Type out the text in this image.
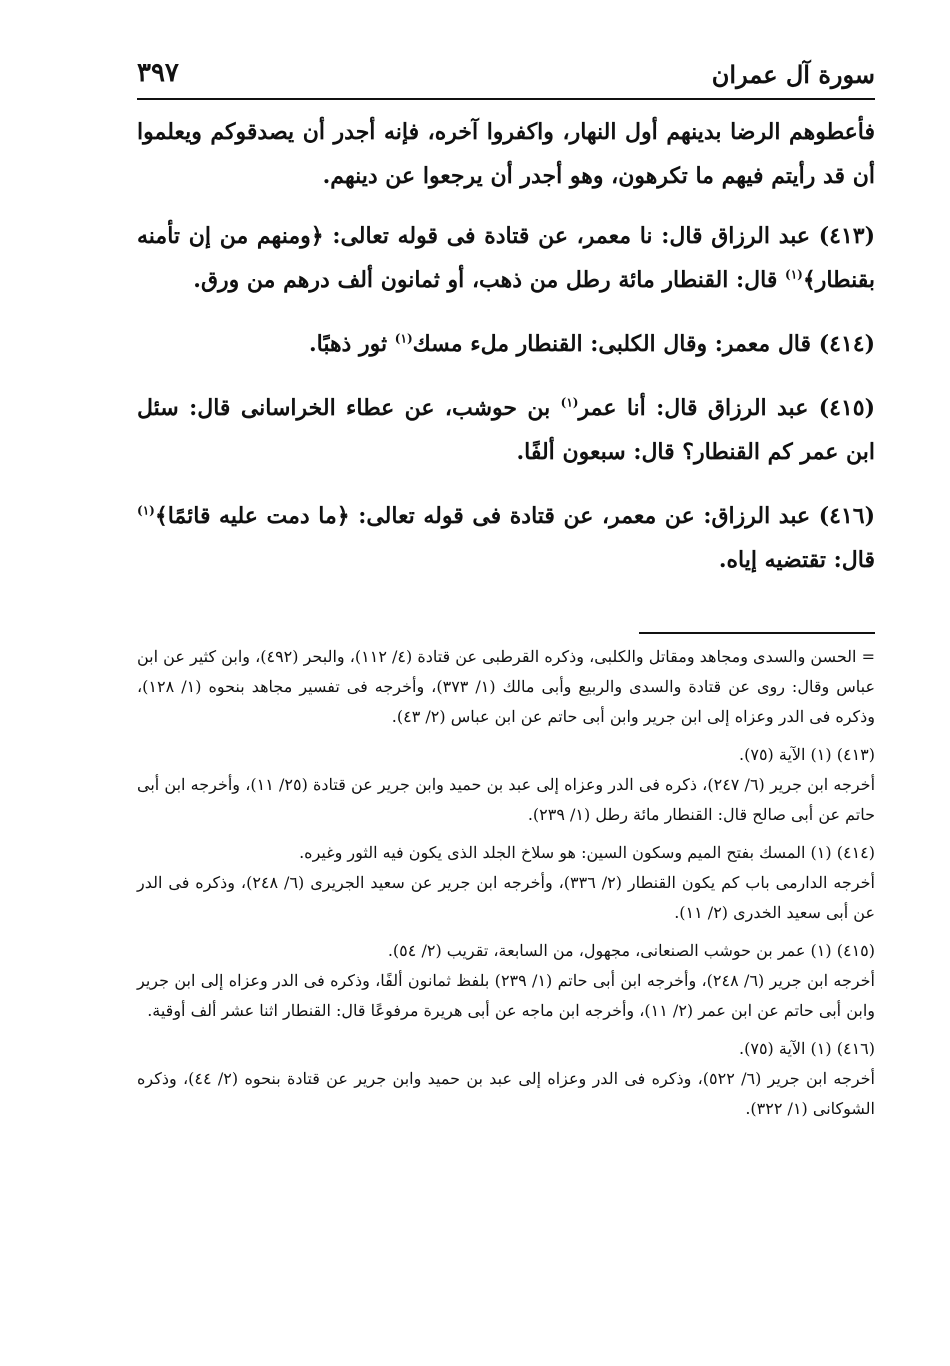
سورة آل عمران
٣٩٧

فأعطوهم الرضا بدينهم أول النهار، واكفروا آخره، فإنه أجدر أن يصدقوكم ويعلموا أن قد رأيتم فيهم ما تكرهون، وهو أجدر أن يرجعوا عن دينهم.

(٤١٣) عبد الرزاق قال: نا معمر، عن قتادة فى قوله تعالى: ﴿ومنهم من إن تأمنه بقنطار﴾$^{(١)}$ قال: القنطار مائة رطل من ذهب، أو ثمانون ألف درهم من ورق.

(٤١٤) قال معمر: وقال الكلبى: القنطار ملء مسك$^{(١)}$ ثور ذهبًا.

(٤١٥) عبد الرزاق قال: أنا عمر$^{(١)}$ بن حوشب، عن عطاء الخراسانى قال: سئل ابن عمر كم القنطار؟ قال: سبعون ألفًا.

(٤١٦) عبد الرزاق: عن معمر، عن قتادة فى قوله تعالى: ﴿ما دمت عليه قائمًا﴾$^{(١)}$ قال: تقتضيه إياه.

= الحسن والسدى ومجاهد ومقاتل والكلبى، وذكره القرطبى عن قتادة (٤/ ١١٢)، والبحر (٤٩٢)، وابن كثير عن ابن عباس وقال: روى عن قتادة والسدى والربيع وأبى مالك (١/ ٣٧٣)، وأخرجه فى تفسير مجاهد بنحوه (١/ ١٢٨)، وذكره فى الدر وعزاه إلى ابن جرير وابن أبى حاتم عن ابن عباس (٢/ ٤٣).

(٤١٣) (١) الآية (٧٥).

أخرجه ابن جرير (٦/ ٢٤٧)، ذكره فى الدر وعزاه إلى عبد بن حميد وابن جرير عن قتادة (٢٥/ ١١)، وأخرجه ابن أبى حاتم عن أبى صالح قال: القنطار مائة رطل (١/ ٢٣٩).

(٤١٤) (١) المسك بفتح الميم وسكون السين: هو سلاخ الجلد الذى يكون فيه الثور وغيره.

أخرجه الدارمى باب كم يكون القنطار (٢/ ٣٣٦)، وأخرجه ابن جرير عن سعيد الجريرى (٦/ ٢٤٨)، وذكره فى الدر عن أبى سعيد الخدرى (٢/ ١١).

(٤١٥) (١) عمر بن حوشب الصنعانى، مجهول، من السابعة، تقريب (٢/ ٥٤).

أخرجه ابن جرير (٦/ ٢٤٨)، وأخرجه ابن أبى حاتم (١/ ٢٣٩) بلفظ ثمانون ألفًا، وذكره فى الدر وعزاه إلى ابن جرير وابن أبى حاتم عن ابن عمر (٢/ ١١)، وأخرجه ابن ماجه عن أبى هريرة مرفوعًا قال: القنطار اثنا عشر ألف أوقية.

(٤١٦) (١) الآية (٧٥).

أخرجه ابن جرير (٦/ ٥٢٢)، وذكره فى الدر وعزاه إلى عبد بن حميد وابن جرير عن قتادة بنحوه (٢/ ٤٤)، وذكره الشوكانى (١/ ٣٢٢).
